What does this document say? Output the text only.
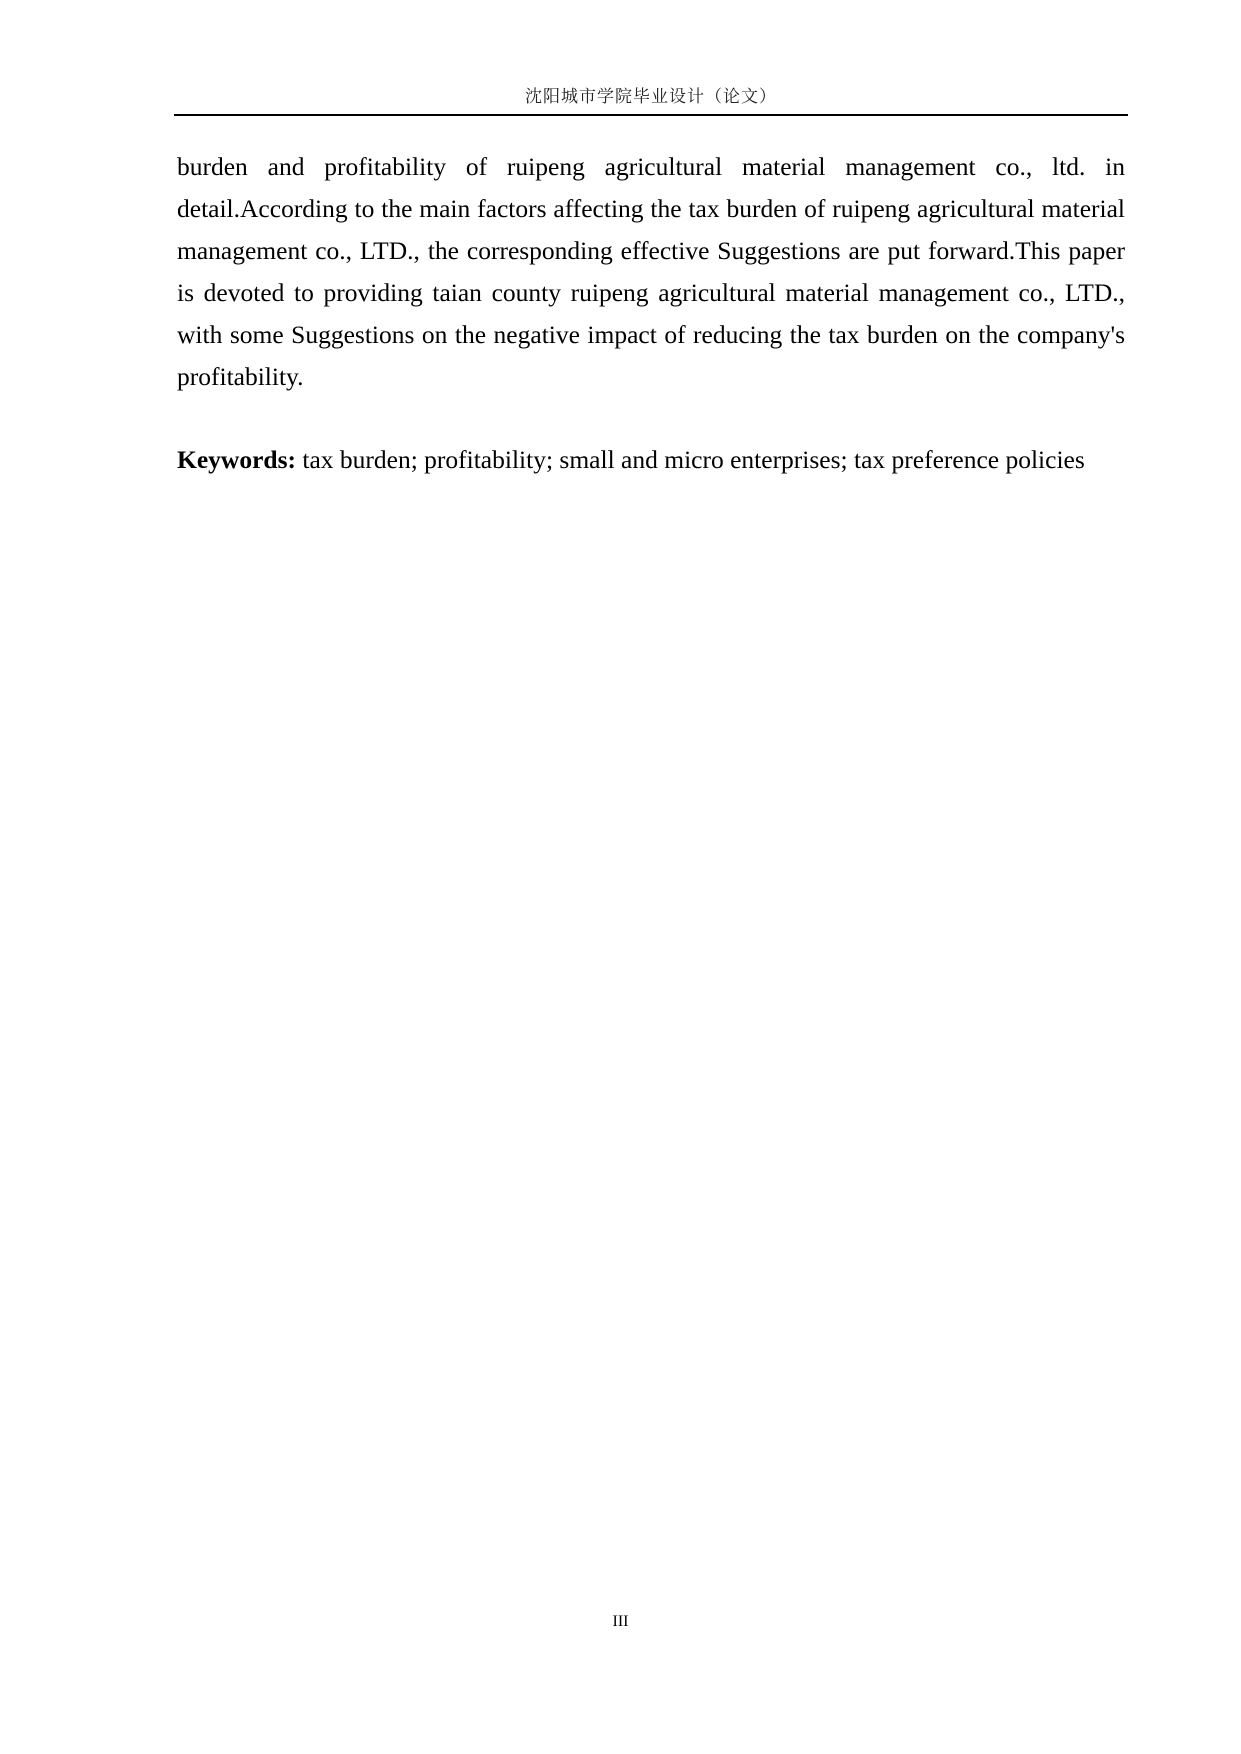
沈阳城市学院毕业设计（论文）

burden and profitability of ruipeng agricultural material management co., ltd. in detail.According to the main factors affecting the tax burden of ruipeng agricultural material management co., LTD., the corresponding effective Suggestions are put forward.This paper is devoted to providing taian county ruipeng agricultural material management co., LTD., with some Suggestions on the negative impact of reducing the tax burden on the company's profitability.

Keywords: tax burden; profitability; small and micro enterprises; tax preference policies

III
